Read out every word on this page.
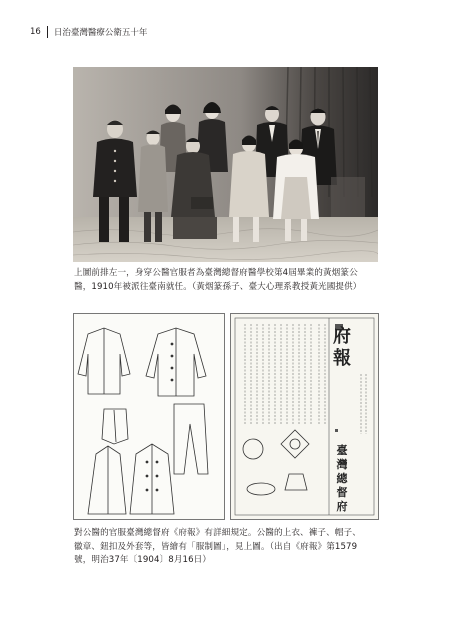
16	日治臺灣醫療公衛五十年
上圖前排左一，身穿公醫官服者為臺灣總督府醫學校第4屆畢業的黃烟篆公
醫，1910年被派往臺南就任。（黃烟篆孫子、臺大心理系教授黃光國提供）
府
報
臺
灣
總
督
府
對公醫的官服臺灣總督府《府報》有詳細規定。公醫的上衣、褲子、帽子、
徽章、鈕扣及外套等，皆繪有「服制圖」，見上圖。（出自《府報》第1579
號，明治37年〔1904〕8月16日）
